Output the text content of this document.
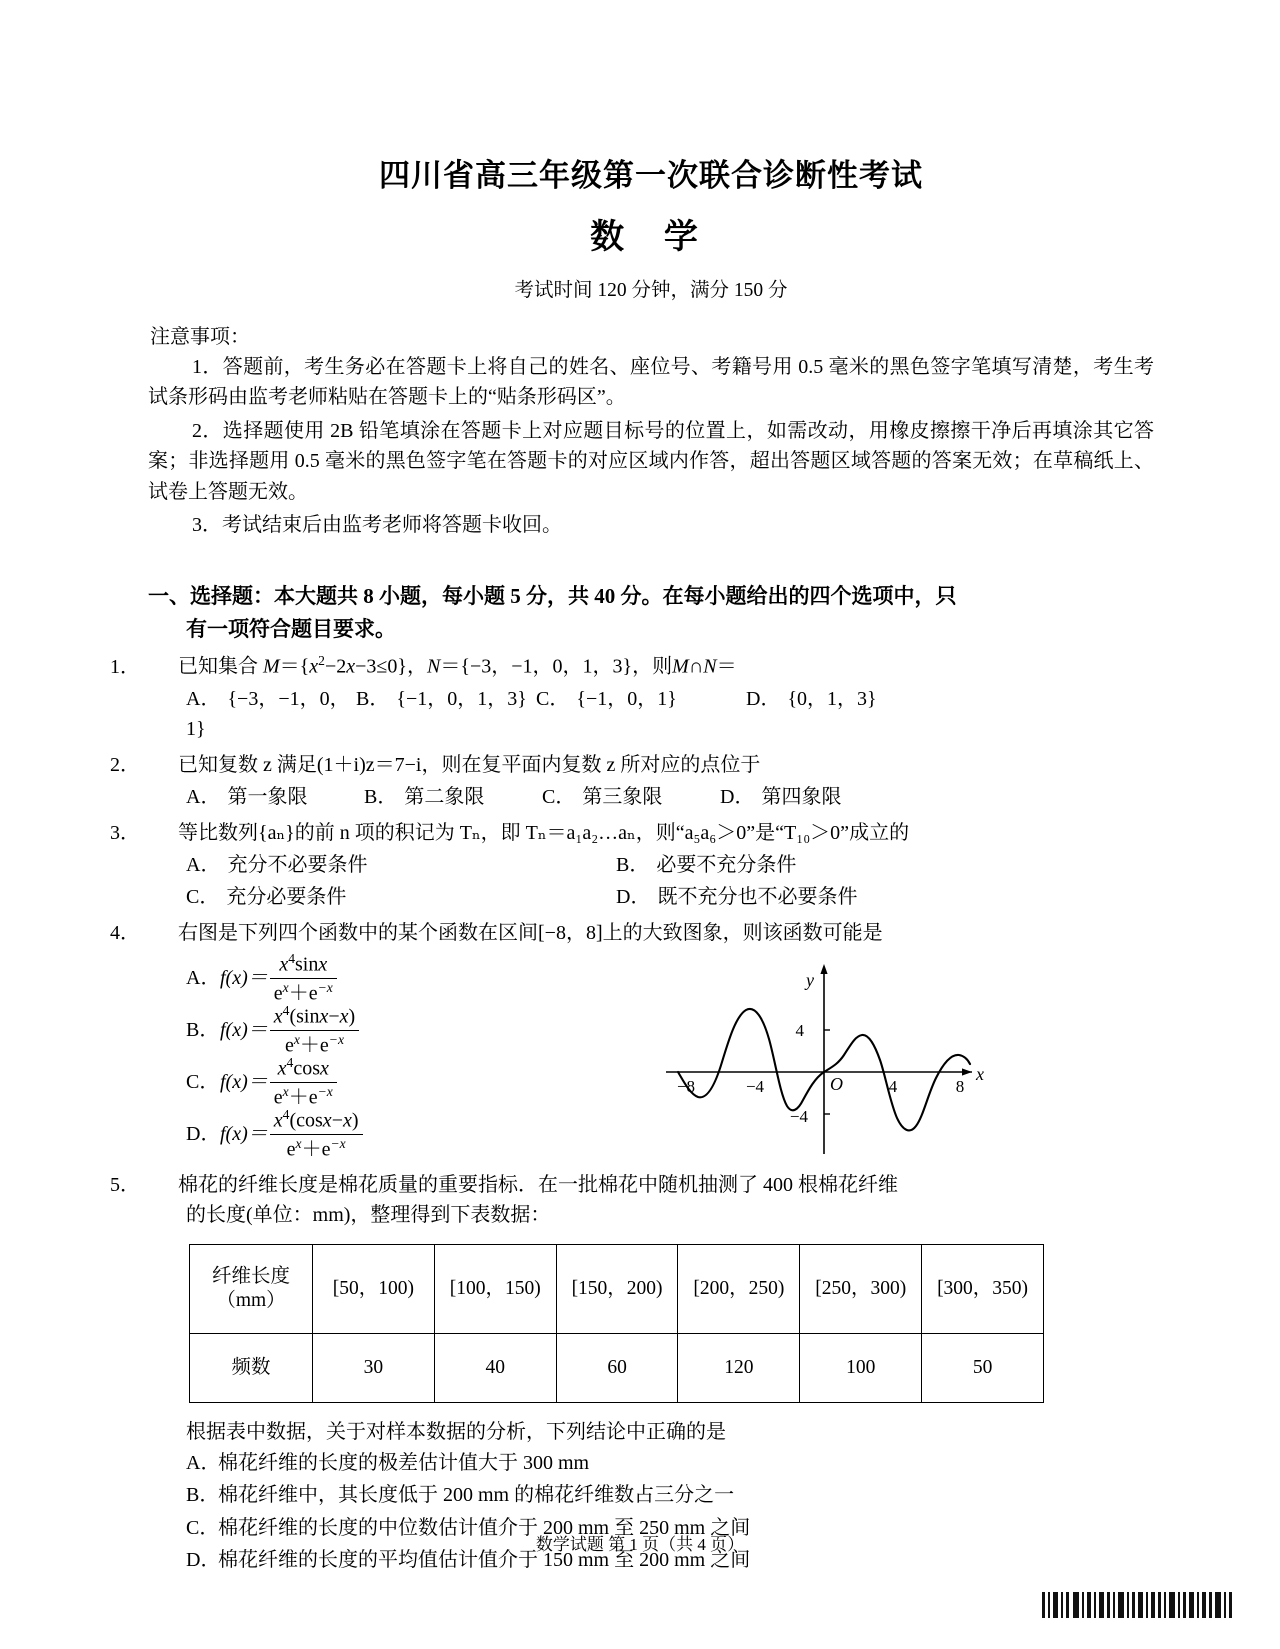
四川省高三年级第一次联合诊断性考试
数 学
考试时间 120 分钟，满分 150 分
注意事项：
1．答题前，考生务必在答题卡上将自己的姓名、座位号、考籍号用 0.5 毫米的黑色签字笔填写清楚，考生考试条形码由监考老师粘贴在答题卡上的“贴条形码区”。
2．选择题使用 2B 铅笔填涂在答题卡上对应题目标号的位置上，如需改动，用橡皮擦擦干净后再填涂其它答案；非选择题用 0.5 毫米的黑色签字笔在答题卡的对应区域内作答，超出答题区域答题的答案无效；在草稿纸上、试卷上答题无效。
3．考试结束后由监考老师将答题卡收回。
一、选择题：本大题共 8 小题，每小题 5 分，共 40 分。在每小题给出的四个选项中，只
有一项符合题目要求。
1． 已知集合 $M=\{x^2-2x-3\le 0\}$，N＝{−3，−1，0，1，3}，则M∩N＝
A． {−3，−1，0，1}
B． {−1，0，1，3} C． {−1，0，1}	D． {0，1，3}
2． 已知复数 z 满足(1＋i)z＝7−i，则在复平面内复数 z 所对应的点位于
A． 第一象限	B． 第二象限	C． 第三象限	D． 第四象限
3． 等比数列{aₙ}的前 n 项的积记为 Tₙ，即 Tₙ＝a₁a₂…aₙ，则“a₅a₆＞0”是“T₁₀＞0”成立的
A． 充分不必要条件	B． 必要不充分条件
C． 充分必要条件	D． 既不充分也不必要条件
4． 右图是下列四个函数中的某个函数在区间[−8，8]上的大致图象，则该函数可能是
A． $f(x)= \frac{x^4\sin x}{e^x+e^{-x}}$
B． $f(x)= \frac{x^4(\sin x-x)}{e^x+e^{-x}}$
C． $f(x)= \frac{x^4\cos x}{e^x+e^{-x}}$
D． $f(x)= \frac{x^4(\cos x-x)}{e^x+e^{-x}}$
y
x
O
4
−4
−8	−4	4	8
5． 棉花的纤维长度是棉花质量的重要指标．在一批棉花中随机抽测了 400 根棉花纤维
的长度(单位：mm)，整理得到下表数据：
纤维长度
（mm）	[50，100)	[100，150)	[150，200)	[200，250)	[250，300)	[300，350)
频数	30	40	60	120	100	50
根据表中数据，关于对样本数据的分析，下列结论中正确的是
A．棉花纤维的长度的极差估计值大于 300 mm
B．棉花纤维中，其长度低于 200 mm 的棉花纤维数占三分之一
C．棉花纤维的长度的中位数估计值介于 200 mm 至 250 mm 之间
D．棉花纤维的长度的平均值估计值介于 150 mm 至 200 mm 之间
数学试题 第 1 页（共 4 页）
